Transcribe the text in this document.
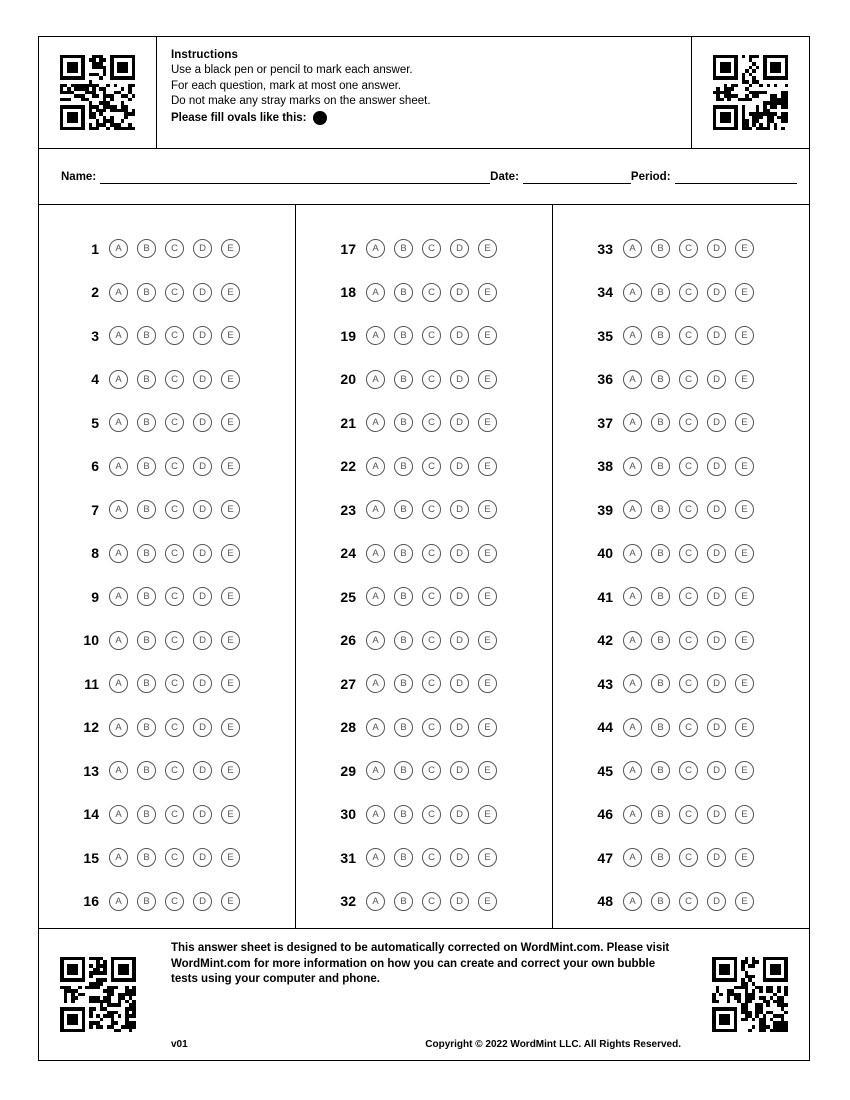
Instructions

Use a black pen or pencil to mark each answer.

For each question, mark at most one answer.

Do not make any stray marks on the answer sheet.

Please fill ovals like this:
Name:	Date:	Period:
1	A	B	C	D	E
2	A	B	C	D	E
3	A	B	C	D	E
4	A	B	C	D	E
5	A	B	C	D	E
6	A	B	C	D	E
7	A	B	C	D	E
8	A	B	C	D	E
9	A	B	C	D	E
10	A	B	C	D	E
11	A	B	C	D	E
12	A	B	C	D	E
13	A	B	C	D	E
14	A	B	C	D	E
15	A	B	C	D	E
16	A	B	C	D	E
17	A	B	C	D	E
18	A	B	C	D	E
19	A	B	C	D	E
20	A	B	C	D	E
21	A	B	C	D	E
22	A	B	C	D	E
23	A	B	C	D	E
24	A	B	C	D	E
25	A	B	C	D	E
26	A	B	C	D	E
27	A	B	C	D	E
28	A	B	C	D	E
29	A	B	C	D	E
30	A	B	C	D	E
31	A	B	C	D	E
32	A	B	C	D	E
33	A	B	C	D	E
34	A	B	C	D	E
35	A	B	C	D	E
36	A	B	C	D	E
37	A	B	C	D	E
38	A	B	C	D	E
39	A	B	C	D	E
40	A	B	C	D	E
41	A	B	C	D	E
42	A	B	C	D	E
43	A	B	C	D	E
44	A	B	C	D	E
45	A	B	C	D	E
46	A	B	C	D	E
47	A	B	C	D	E
48	A	B	C	D	E
This answer sheet is designed to be automatically corrected on WordMint.com. Please visit WordMint.com for more information on how you can create and correct your own bubble tests using your computer and phone.
v01	Copyright © 2022 WordMint LLC. All Rights Reserved.
